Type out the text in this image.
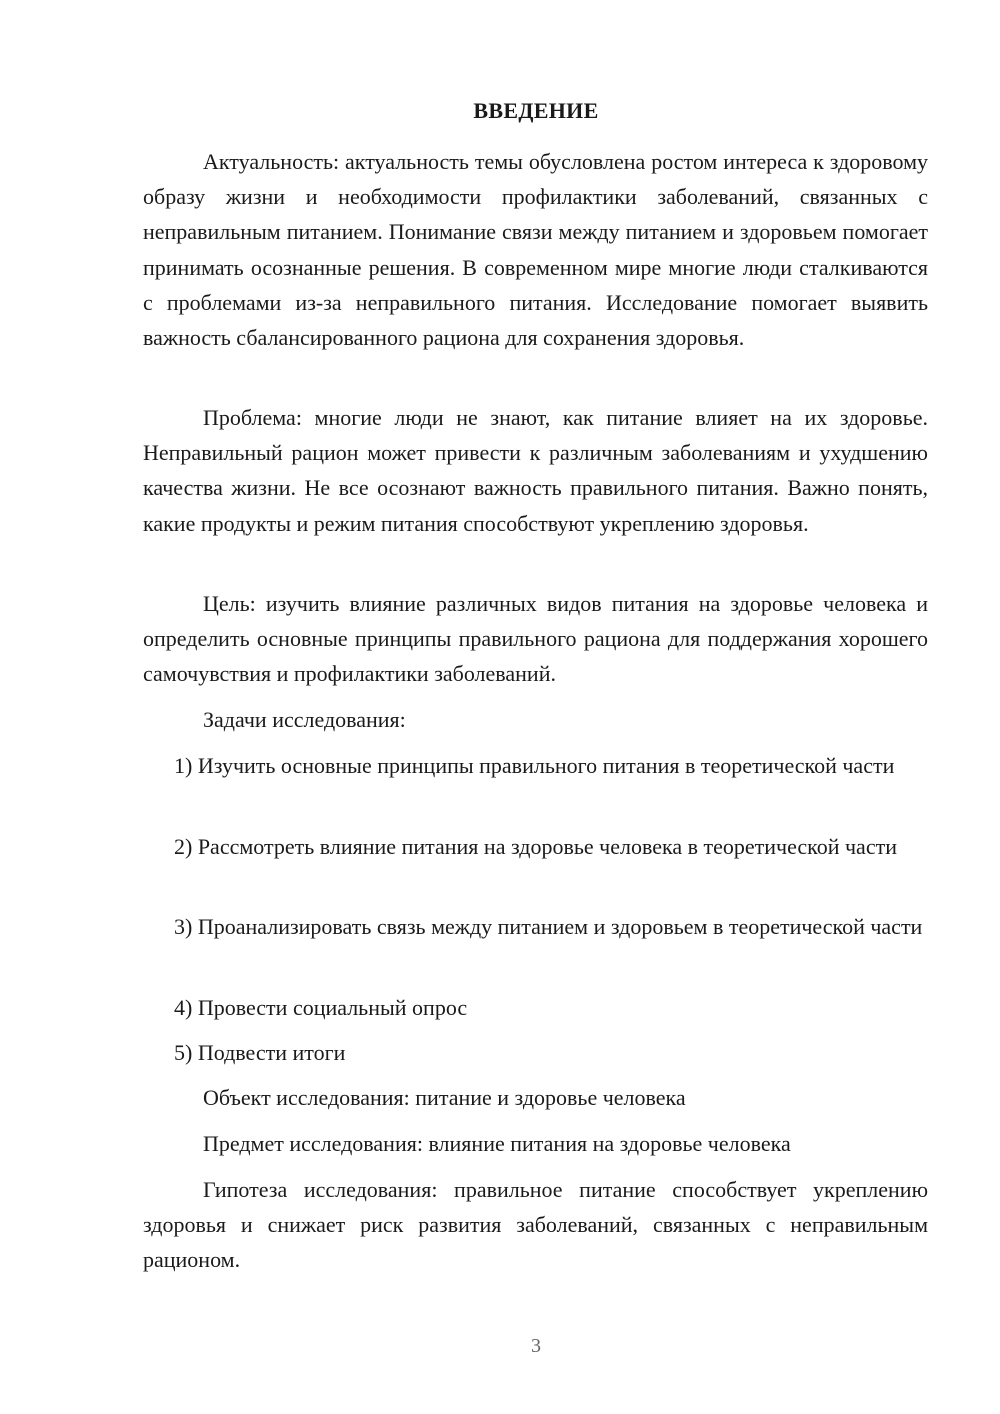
ВВЕДЕНИЕ

Актуальность: актуальность темы обусловлена ростом интереса к здоровому образу жизни и необходимости профилактики заболеваний, связанных с неправильным питанием. Понимание связи между питанием и здоровьем помогает принимать осознанные решения. В современном мире многие люди сталкиваются с проблемами из-за неправильного питания. Исследование помогает выявить важность сбалансированного рациона для сохранения здоровья.

Проблема: многие люди не знают, как питание влияет на их здоровье. Неправильный рацион может привести к различным заболеваниям и ухудшению качества жизни. Не все осознают важность правильного питания. Важно понять, какие продукты и режим питания способствуют укреплению здоровья.

Цель: изучить влияние различных видов питания на здоровье человека и определить основные принципы правильного рациона для поддержания хорошего самочувствия и профилактики заболеваний.

Задачи исследования:

1) Изучить основные принципы правильного питания в теоретической части

2) Рассмотреть влияние питания на здоровье человека в теоретической части

3) Проанализировать связь между питанием и здоровьем в теоретической части

4) Провести социальный опрос

5) Подвести итоги

Объект исследования: питание и здоровье человека

Предмет исследования: влияние питания на здоровье человека

Гипотеза исследования: правильное питание способствует укреплению здоровья и снижает риск развития заболеваний, связанных с неправильным рационом.

3
